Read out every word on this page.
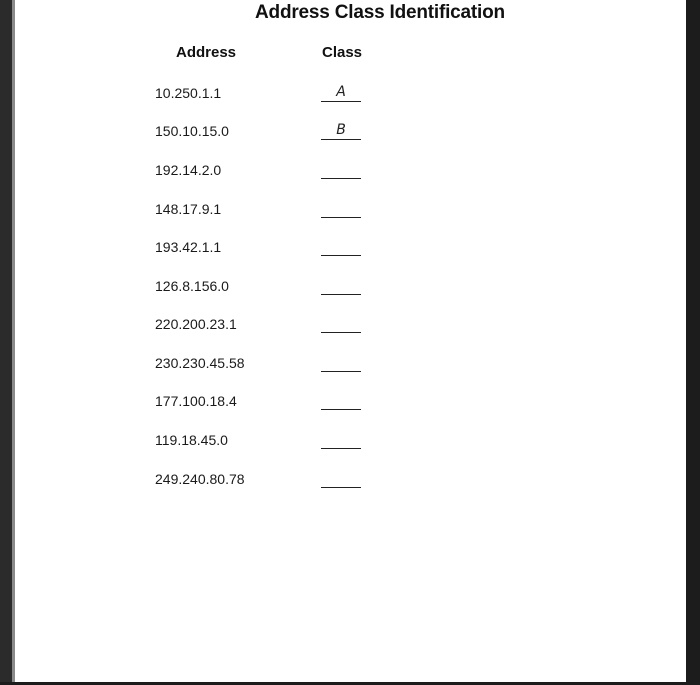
Address Class Identification
Address	Class
10.250.1.1	A
150.10.15.0	B
192.14.2.0
148.17.9.1
193.42.1.1
126.8.156.0
220.200.23.1
230.230.45.58
177.100.18.4
119.18.45.0
249.240.80.78
